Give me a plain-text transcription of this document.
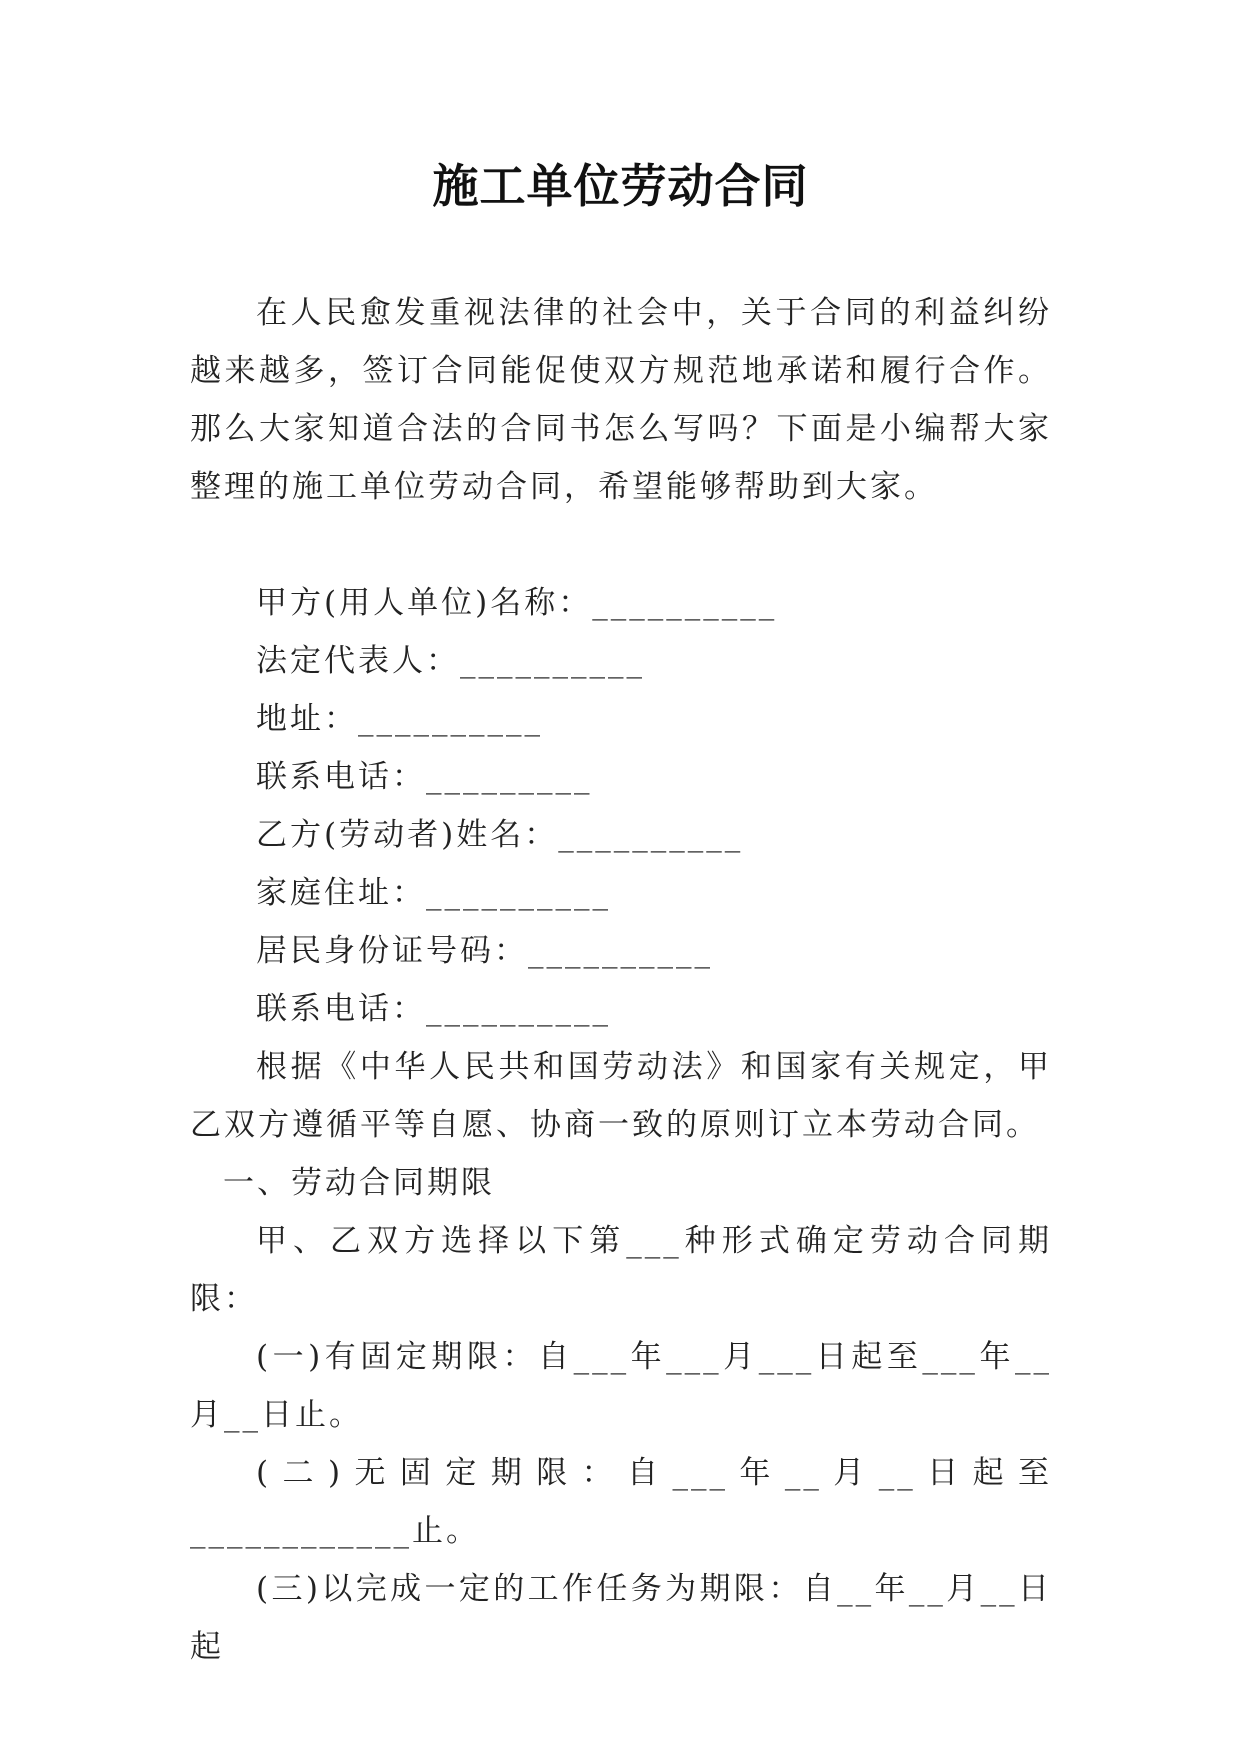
施工单位劳动合同

在人民愈发重视法律的社会中，关于合同的利益纠纷越来越多，签订合同能促使双方规范地承诺和履行合作。那么大家知道合法的合同书怎么写吗？下面是小编帮大家整理的施工单位劳动合同，希望能够帮助到大家。

甲方(用人单位)名称：__________

法定代表人：__________

地址：__________

联系电话：_________

乙方(劳动者)姓名：__________

家庭住址：__________

居民身份证号码：__________

联系电话：__________

根据《中华人民共和国劳动法》和国家有关规定，甲乙双方遵循平等自愿、协商一致的原则订立本劳动合同。

一、劳动合同期限

甲、乙双方选择以下第___种形式确定劳动合同期限：

(一)有固定期限：自___年___月___日起至___年__月__日止。

(二)无固定期限：自___年__月__日起至____________止。

(三)以完成一定的工作任务为期限：自__年__月__日起
